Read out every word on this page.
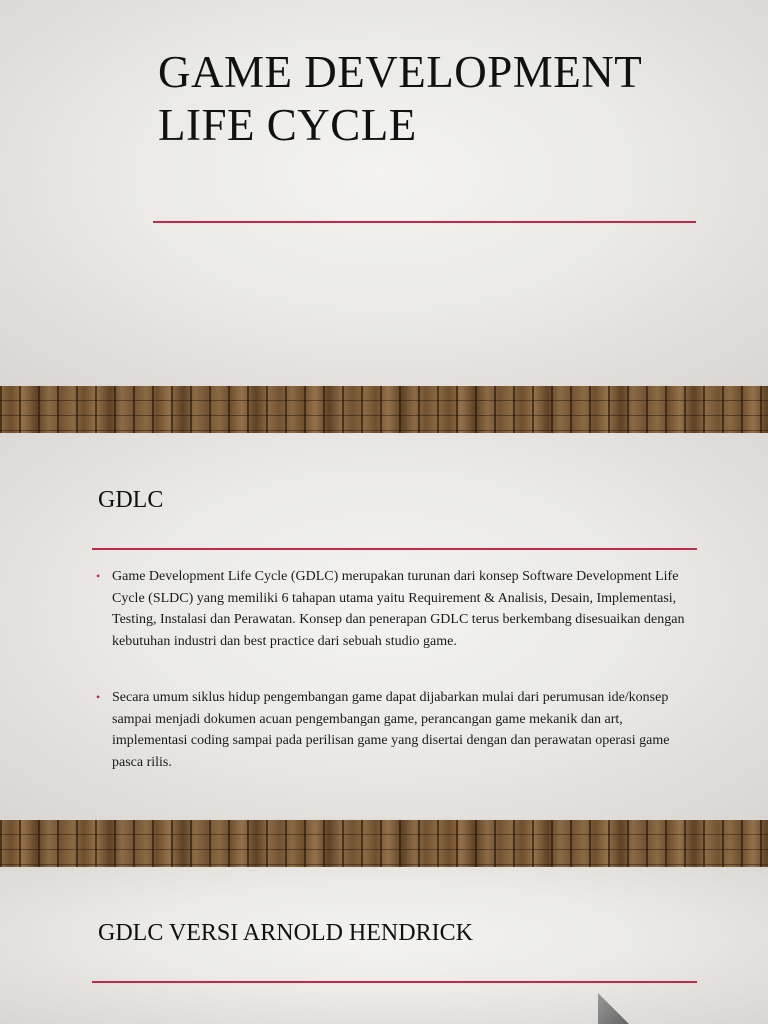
GAME DEVELOPMENT LIFE CYCLE
GDLC
• Game Development Life Cycle (GDLC) merupakan turunan dari konsep Software Development Life Cycle (SLDC) yang memiliki 6 tahapan utama yaitu Requirement & Analisis, Desain, Implementasi, Testing, Instalasi dan Perawatan. Konsep dan penerapan GDLC terus berkembang disesuaikan dengan kebutuhan industri dan best practice dari sebuah studio game.
• Secara umum siklus hidup pengembangan game dapat dijabarkan mulai dari perumusan ide/konsep sampai menjadi dokumen acuan pengembangan game, perancangan game mekanik dan art, implementasi coding sampai pada perilisan game yang disertai dengan dan perawatan operasi game pasca rilis.
GDLC VERSI ARNOLD HENDRICK
